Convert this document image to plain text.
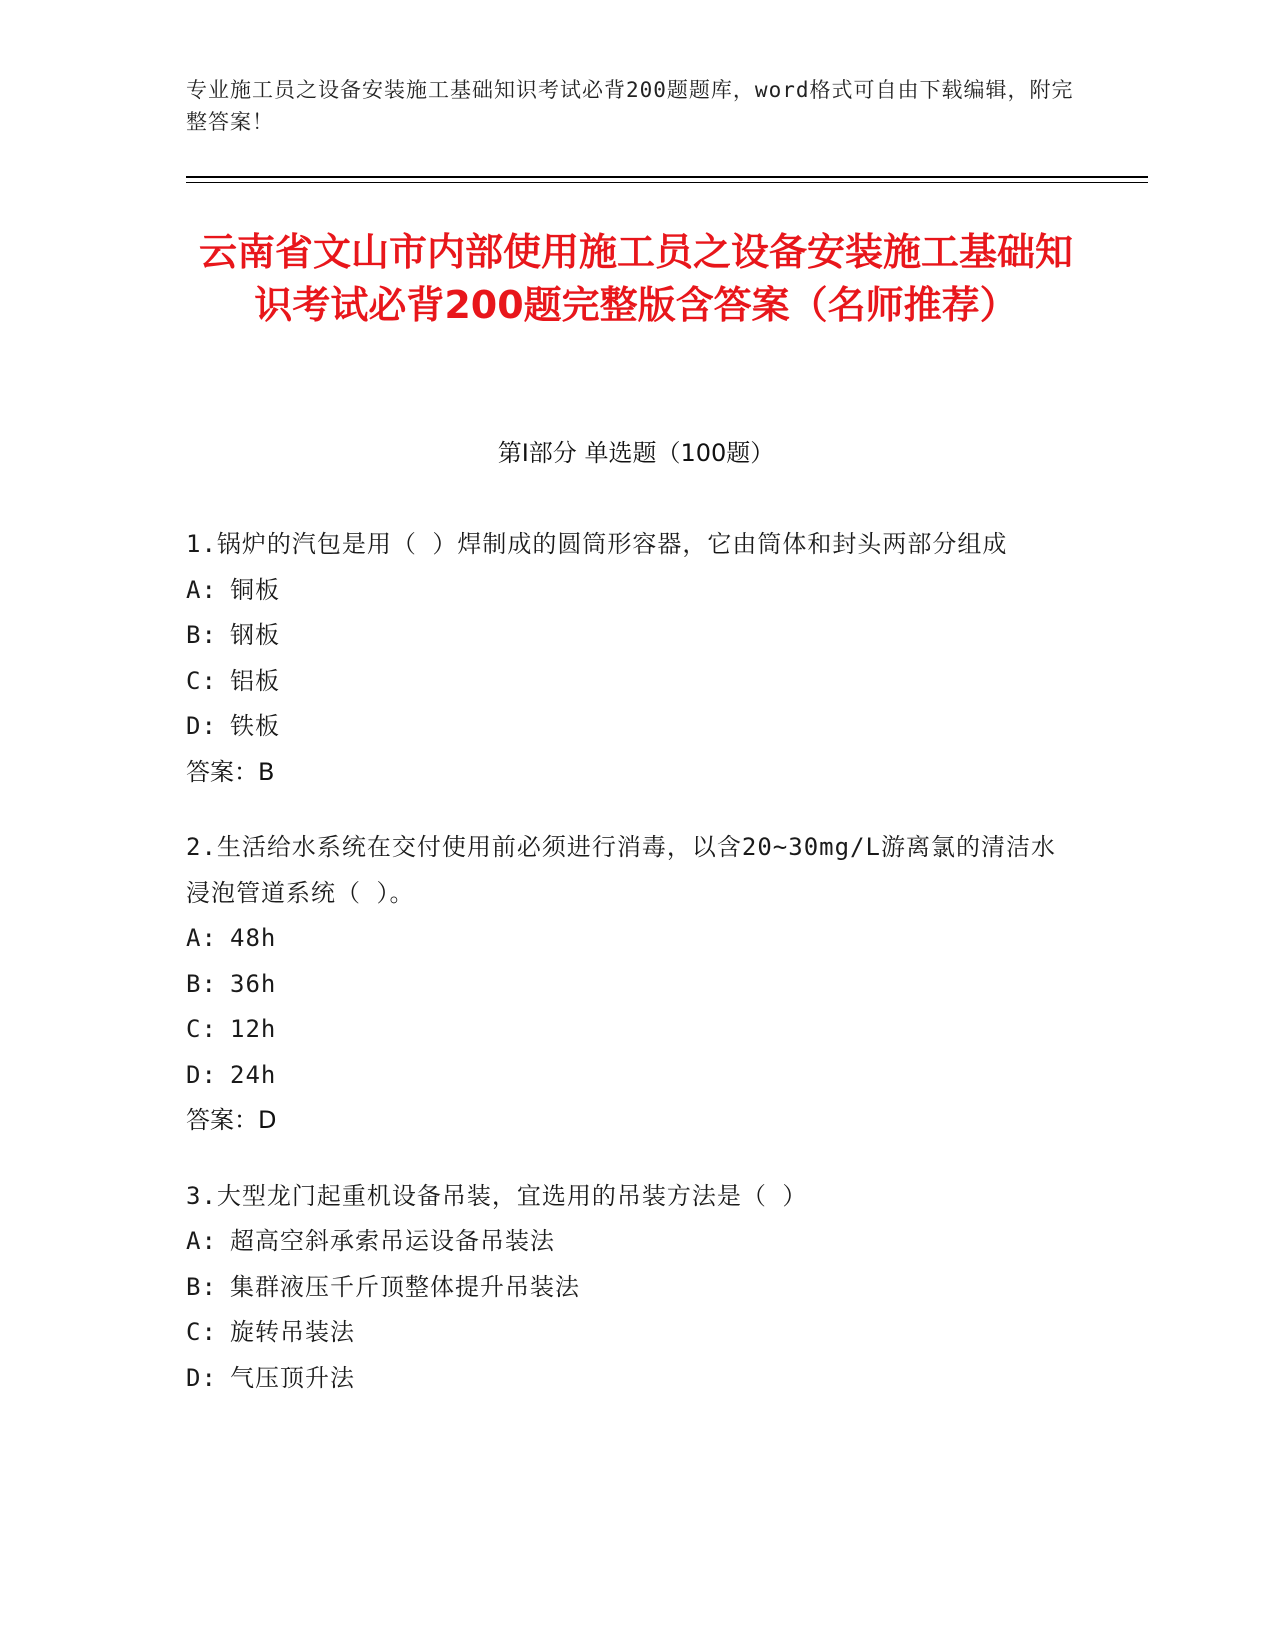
专业施工员之设备安装施工基础知识考试必背200题题库，word格式可自由下载编辑，附完整答案！
云南省文山市内部使用施工员之设备安装施工基础知识考试必背200题完整版含答案（名师推荐）
第Ⅰ部分 单选题（100题）
1.锅炉的汽包是用（ ）焊制成的圆筒形容器，它由筒体和封头两部分组成
A: 铜板
B: 钢板
C: 铝板
D: 铁板
答案：B
2.生活给水系统在交付使用前必须进行消毒，以含20~30mg/L游离氯的清洁水浸泡管道系统（ ）。
A: 48h
B: 36h
C: 12h
D: 24h
答案：D
3.大型龙门起重机设备吊装，宜选用的吊装方法是（ ）
A: 超高空斜承索吊运设备吊装法
B: 集群液压千斤顶整体提升吊装法
C: 旋转吊装法
D: 气压顶升法
